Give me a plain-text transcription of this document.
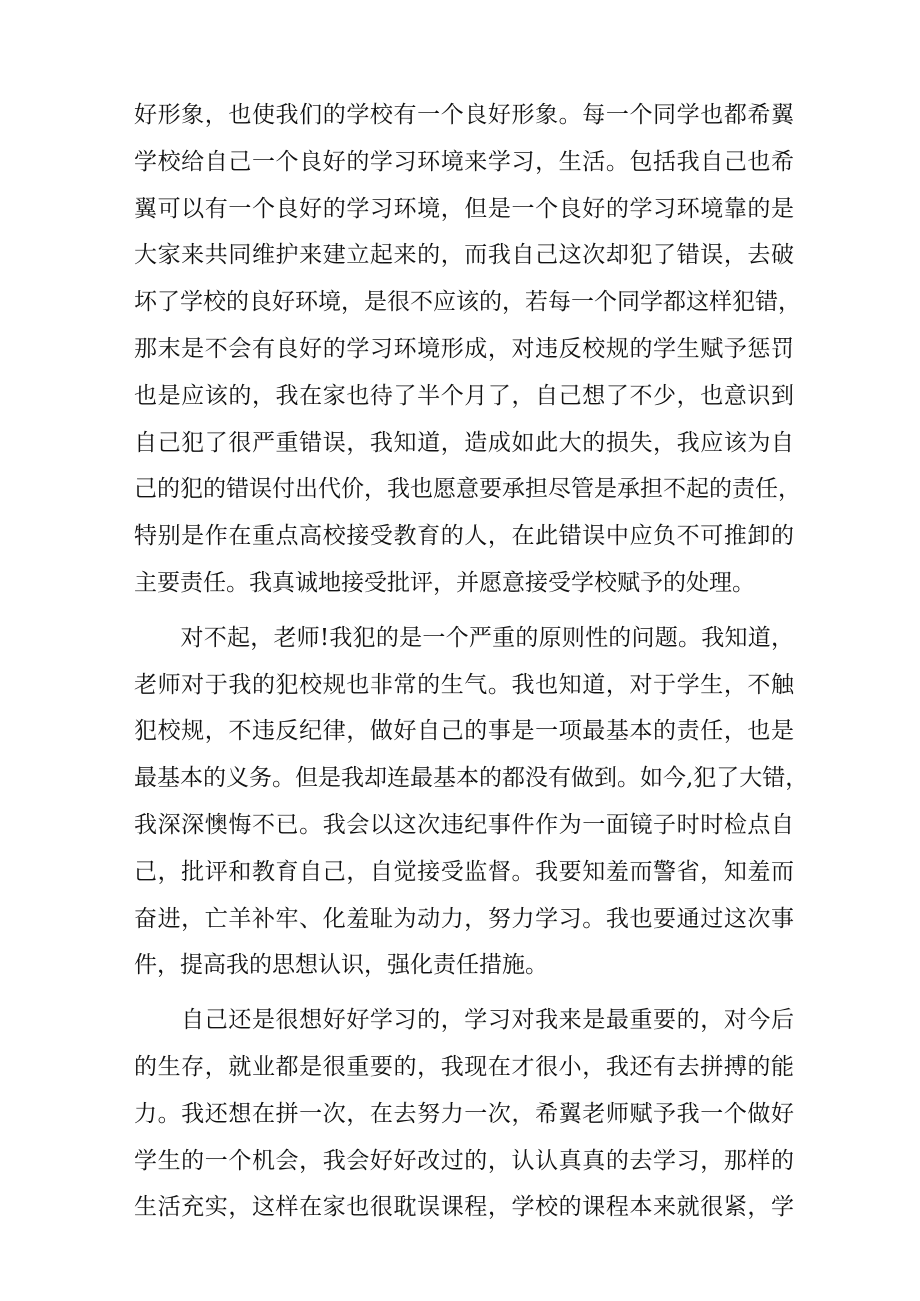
好形象，也使我们的学校有一个良好形象。每一个同学也都希翼
学校给自己一个良好的学习环境来学习，生活。包括我自己也希
翼可以有一个良好的学习环境，但是一个良好的学习环境靠的是
大家来共同维护来建立起来的，而我自己这次却犯了错误，去破
坏了学校的良好环境，是很不应该的，若每一个同学都这样犯错，
那末是不会有良好的学习环境形成，对违反校规的学生赋予惩罚
也是应该的，我在家也待了半个月了，自己想了不少，也意识到
自己犯了很严重错误，我知道，造成如此大的损失，我应该为自
己的犯的错误付出代价，我也愿意要承担尽管是承担不起的责任，
特别是作在重点高校接受教育的人，在此错误中应负不可推卸的
主要责任。我真诚地接受批评，并愿意接受学校赋予的处理。
　　对不起，老师!我犯的是一个严重的原则性的问题。我知道，
老师对于我的犯校规也非常的生气。我也知道，对于学生，不触
犯校规，不违反纪律，做好自己的事是一项最基本的责任，也是
最基本的义务。但是我却连最基本的都没有做到。如今,犯了大错，
我深深懊悔不已。我会以这次违纪事件作为一面镜子时时检点自
己，批评和教育自己，自觉接受监督。我要知羞而警省，知羞而
奋进，亡羊补牢、化羞耻为动力，努力学习。我也要通过这次事
件，提高我的思想认识，强化责任措施。
　　自己还是很想好好学习的，学习对我来是最重要的，对今后
的生存，就业都是很重要的，我现在才很小，我还有去拼搏的能
力。我还想在拼一次，在去努力一次，希翼老师赋予我一个做好
学生的一个机会，我会好好改过的，认认真真的去学习，那样的
生活充实，这样在家也很耽误课程，学校的课程本来就很紧，学
